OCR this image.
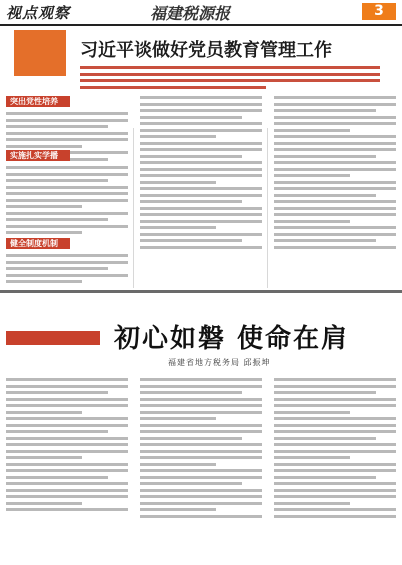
视点观察	福建税源报	3
习近平谈做好党员教育管理工作
突出党性培养
实施扎实学播
健全制度机制
初心如磐 使命在肩
福建省地方税务局 邱振坤
